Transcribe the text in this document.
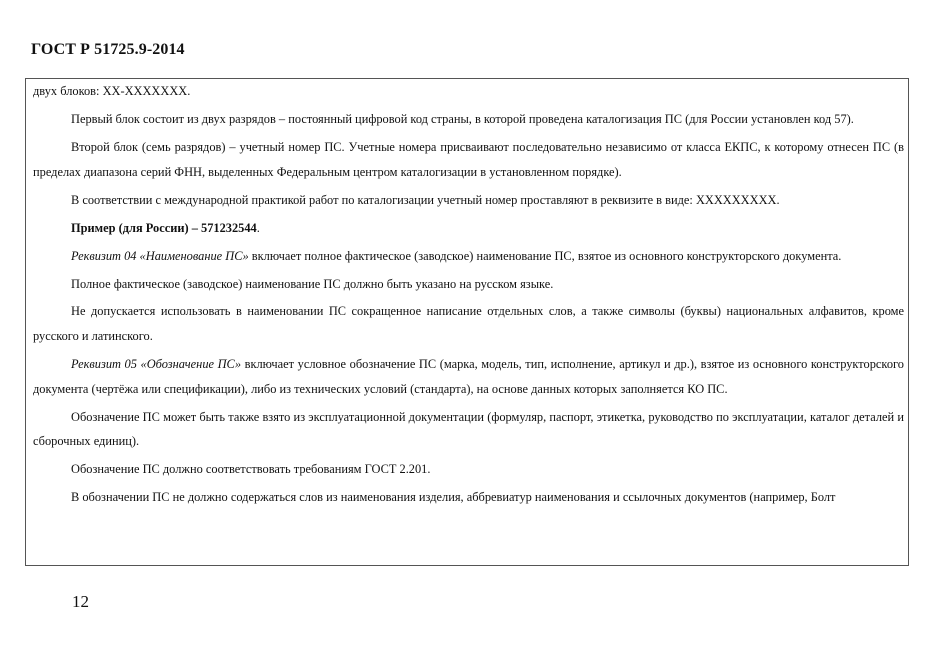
ГОСТ Р 51725.9-2014

двух блоков: ХХ-ХХХХХХХ.

Первый блок состоит из двух разрядов – постоянный цифровой код страны, в которой проведена каталогизация ПС (для России установлен код 57).

Второй блок (семь разрядов) – учетный номер ПС. Учетные номера присваивают последовательно независимо от класса ЕКПС, к которому отнесен ПС (в пределах диапазона серий ФНН, выделенных Федеральным центром каталогизации в установленном порядке).

В соответствии с международной практикой работ по каталогизации учетный номер проставляют в реквизите в виде: ХХХХХХХХХ.

Пример (для России) – 571232544.

Реквизит 04 «Наименование ПС» включает полное фактическое (заводское) наименование ПС, взятое из основного конструкторского документа.

Полное фактическое (заводское) наименование ПС должно быть указано на русском языке.

Не допускается использовать в наименовании ПС сокращенное написание отдельных слов, а также символы (буквы) национальных алфавитов, кроме русского и латинского.

Реквизит 05 «Обозначение ПС» включает условное обозначение ПС (марка, модель, тип, исполнение, артикул и др.), взятое из основного конструкторского документа (чертёжа или спецификации), либо из технических условий (стандарта), на основе данных которых заполняется КО ПС.

Обозначение ПС может быть также взято из эксплуатационной документации (формуляр, паспорт, этикетка, руководство по эксплуатации, каталог деталей и сборочных единиц).

Обозначение ПС должно соответствовать требованиям ГОСТ 2.201.

В обозначении ПС не должно содержаться слов из наименования изделия, аббревиатур наименования и ссылочных документов (например, Болт

12
